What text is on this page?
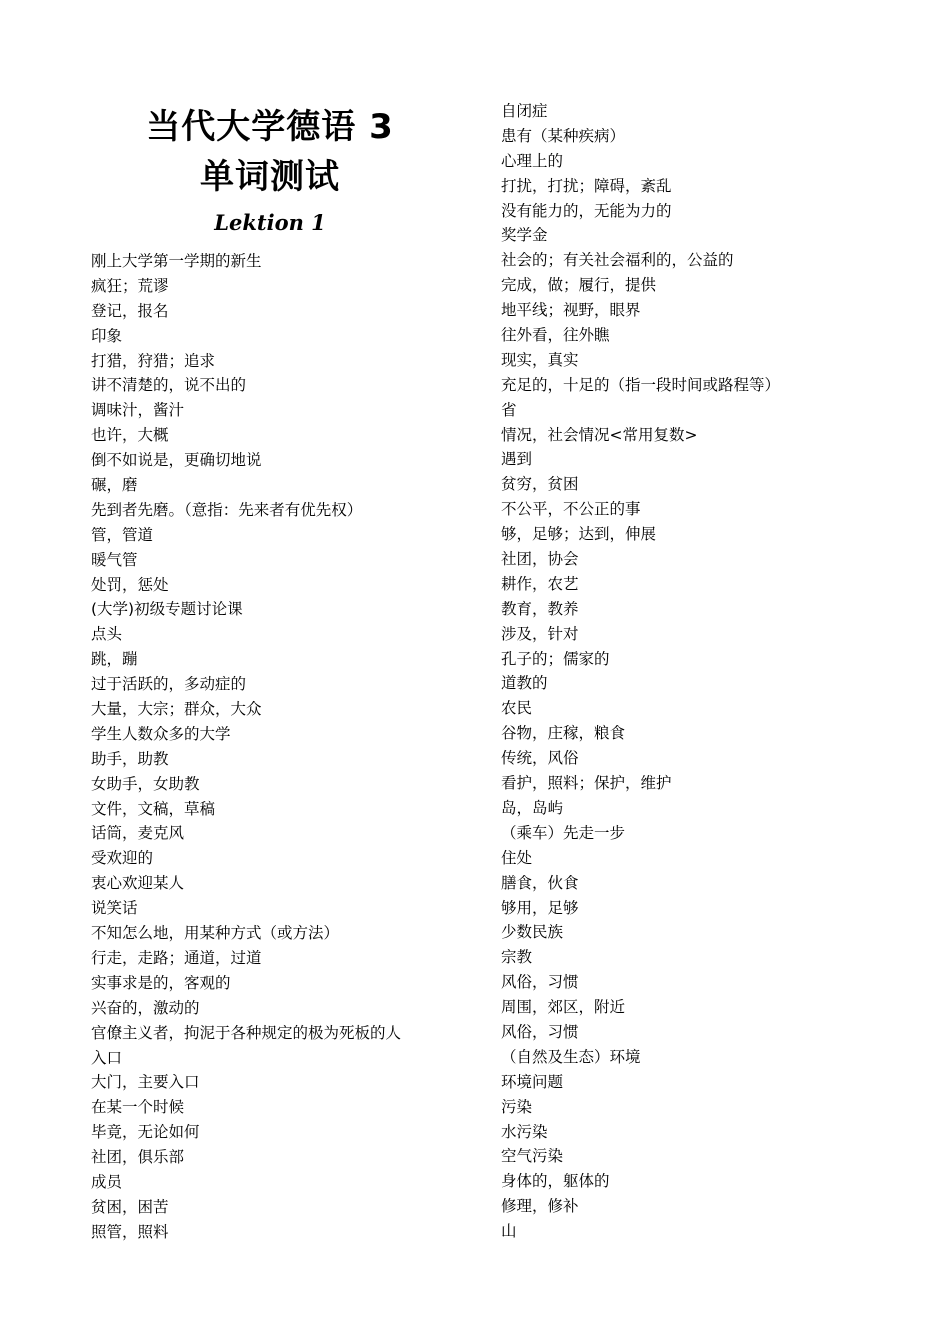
当代大学德语 3
单词测试
Lektion 1
刚上大学第一学期的新生
疯狂；荒谬
登记，报名
印象
打猎，狩猎；追求
讲不清楚的，说不出的
调味汁，酱汁
也许，大概
倒不如说是，更确切地说
碾，磨
先到者先磨。（意指：先来者有优先权）
管，管道
暖气管
处罚，惩处
(大学)初级专题讨论课
点头
跳，蹦
过于活跃的，多动症的
大量，大宗；群众，大众
学生人数众多的大学
助手，助教
女助手，女助教
文件，文稿，草稿
话筒，麦克风
受欢迎的
衷心欢迎某人
说笑话
不知怎么地，用某种方式（或方法）
行走，走路；通道，过道
实事求是的，客观的
兴奋的，激动的
官僚主义者，拘泥于各种规定的极为死板的人
入口
大门，主要入口
在某一个时候
毕竟，无论如何
社团，俱乐部
成员
贫困，困苦
照管，照料
自闭症
患有（某种疾病）
心理上的
打扰，打扰；障碍，紊乱
没有能力的，无能为力的
奖学金
社会的；有关社会福利的，公益的
完成，做；履行，提供
地平线；视野，眼界
往外看，往外瞧
现实，真实
充足的，十足的（指一段时间或路程等）
省
情况，社会情况<常用复数>
遇到
贫穷，贫困
不公平，不公正的事
够，足够；达到，伸展
社团，协会
耕作，农艺
教育，教养
涉及，针对
孔子的；儒家的
道教的
农民
谷物，庄稼，粮食
传统，风俗
看护，照料；保护，维护
岛，岛屿
（乘车）先走一步
住处
膳食，伙食
够用，足够
少数民族
宗教
风俗，习惯
周围，郊区，附近
风俗，习惯
（自然及生态）环境
环境问题
污染
水污染
空气污染
身体的，躯体的
修理，修补
山
